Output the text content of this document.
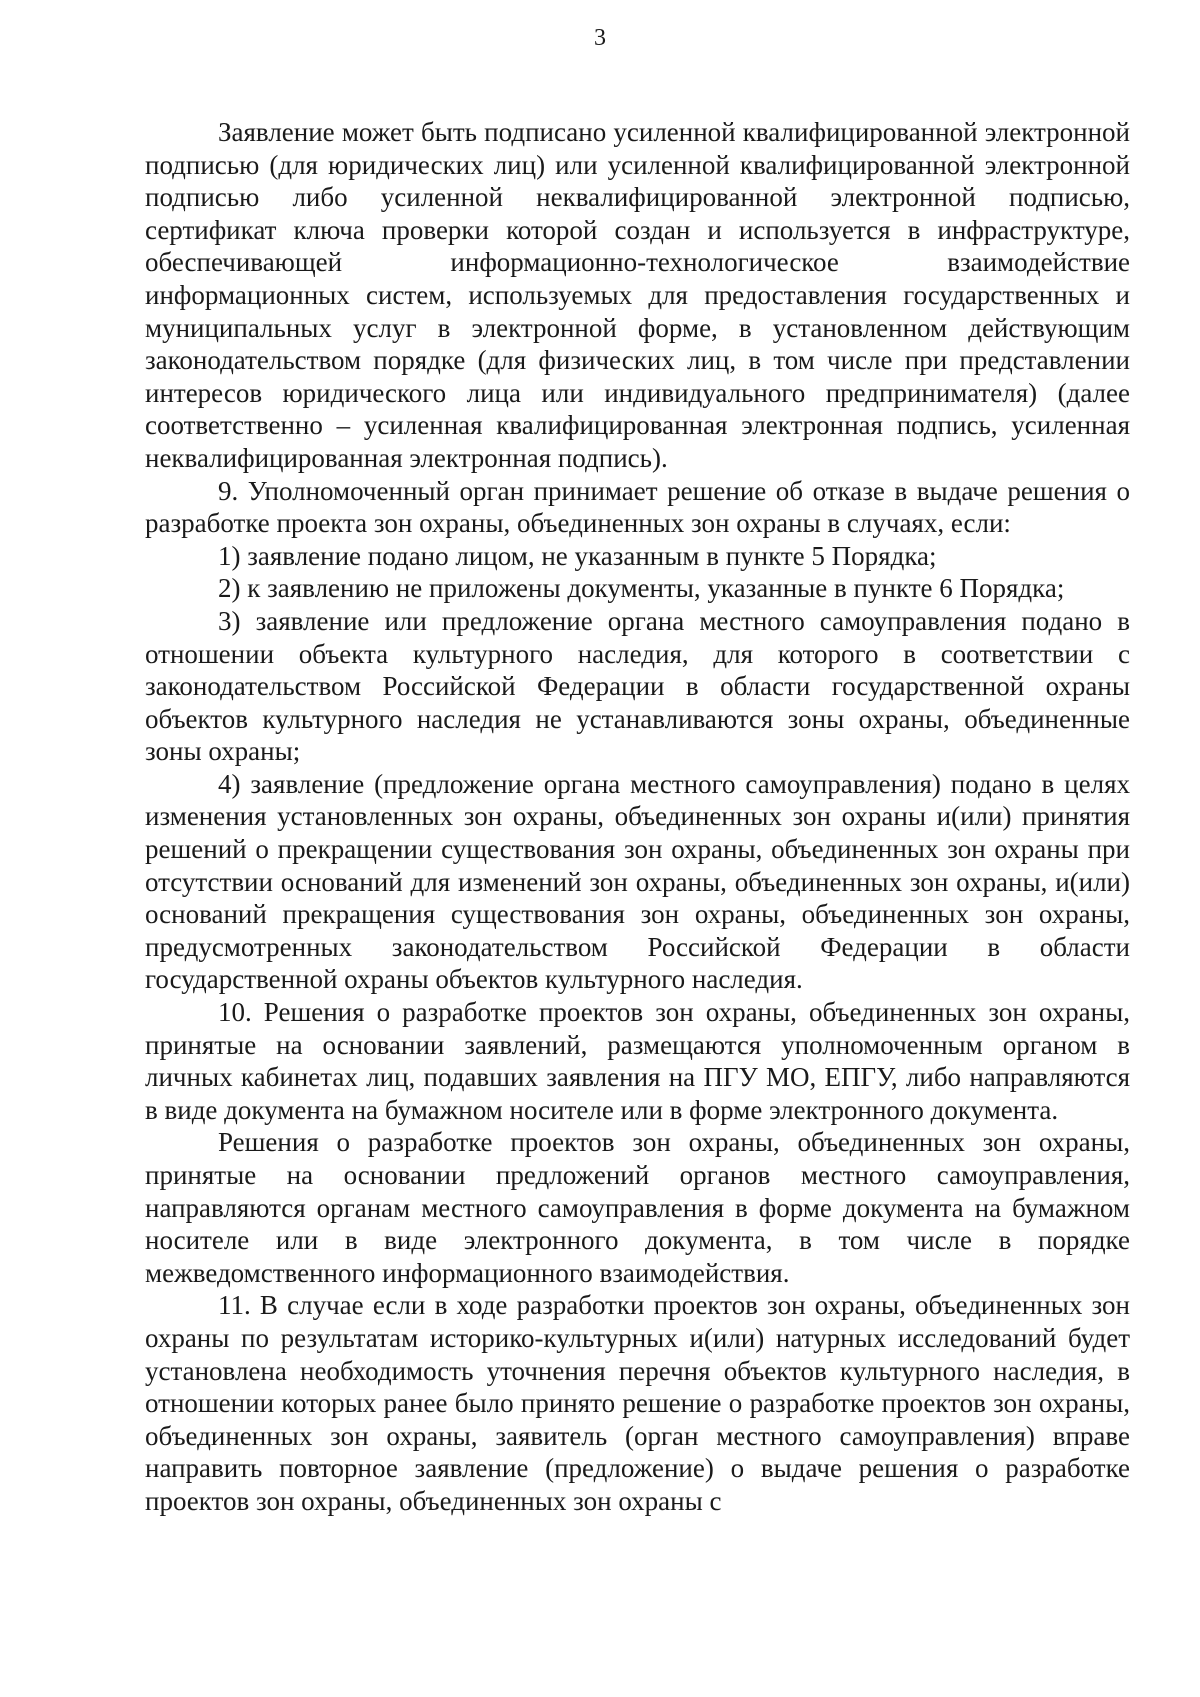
3

Заявление может быть подписано усиленной квалифицированной электронной подписью (для юридических лиц) или усиленной квалифицированной электронной подписью либо усиленной неквалифицированной электронной подписью, сертификат ключа проверки которой создан и используется в инфраструктуре, обеспечивающей информационно-технологическое взаимодействие информационных систем, используемых для предоставления государственных и муниципальных услуг в электронной форме, в установленном действующим законодательством порядке (для физических лиц, в том числе при представлении интересов юридического лица или индивидуального предпринимателя) (далее соответственно – усиленная квалифицированная электронная подпись, усиленная неквалифицированная электронная подпись).

9. Уполномоченный орган принимает решение об отказе в выдаче решения о разработке проекта зон охраны, объединенных зон охраны в случаях, если:

1) заявление подано лицом, не указанным в пункте 5 Порядка;

2) к заявлению не приложены документы, указанные в пункте 6 Порядка;

3) заявление или предложение органа местного самоуправления подано в отношении объекта культурного наследия, для которого в соответствии с законодательством Российской Федерации в области государственной охраны объектов культурного наследия не устанавливаются зоны охраны, объединенные зоны охраны;

4) заявление (предложение органа местного самоуправления) подано в целях изменения установленных зон охраны, объединенных зон охраны и(или) принятия решений о прекращении существования зон охраны, объединенных зон охраны при отсутствии оснований для изменений зон охраны, объединенных зон охраны, и(или) оснований прекращения существования зон охраны, объединенных зон охраны, предусмотренных законодательством Российской Федерации в области государственной охраны объектов культурного наследия.

10. Решения о разработке проектов зон охраны, объединенных зон охраны, принятые на основании заявлений, размещаются уполномоченным органом в личных кабинетах лиц, подавших заявления на ПГУ МО, ЕПГУ, либо направляются в виде документа на бумажном носителе или в форме электронного документа.

Решения о разработке проектов зон охраны, объединенных зон охраны, принятые на основании предложений органов местного самоуправления, направляются органам местного самоуправления в форме документа на бумажном носителе или в виде электронного документа, в том числе в порядке межведомственного информационного взаимодействия.

11. В случае если в ходе разработки проектов зон охраны, объединенных зон охраны по результатам историко-культурных и(или) натурных исследований будет установлена необходимость уточнения перечня объектов культурного наследия, в отношении которых ранее было принято решение о разработке проектов зон охраны, объединенных зон охраны, заявитель (орган местного самоуправления) вправе направить повторное заявление (предложение) о выдаче решения о разработке проектов зон охраны, объединенных зон охраны с
